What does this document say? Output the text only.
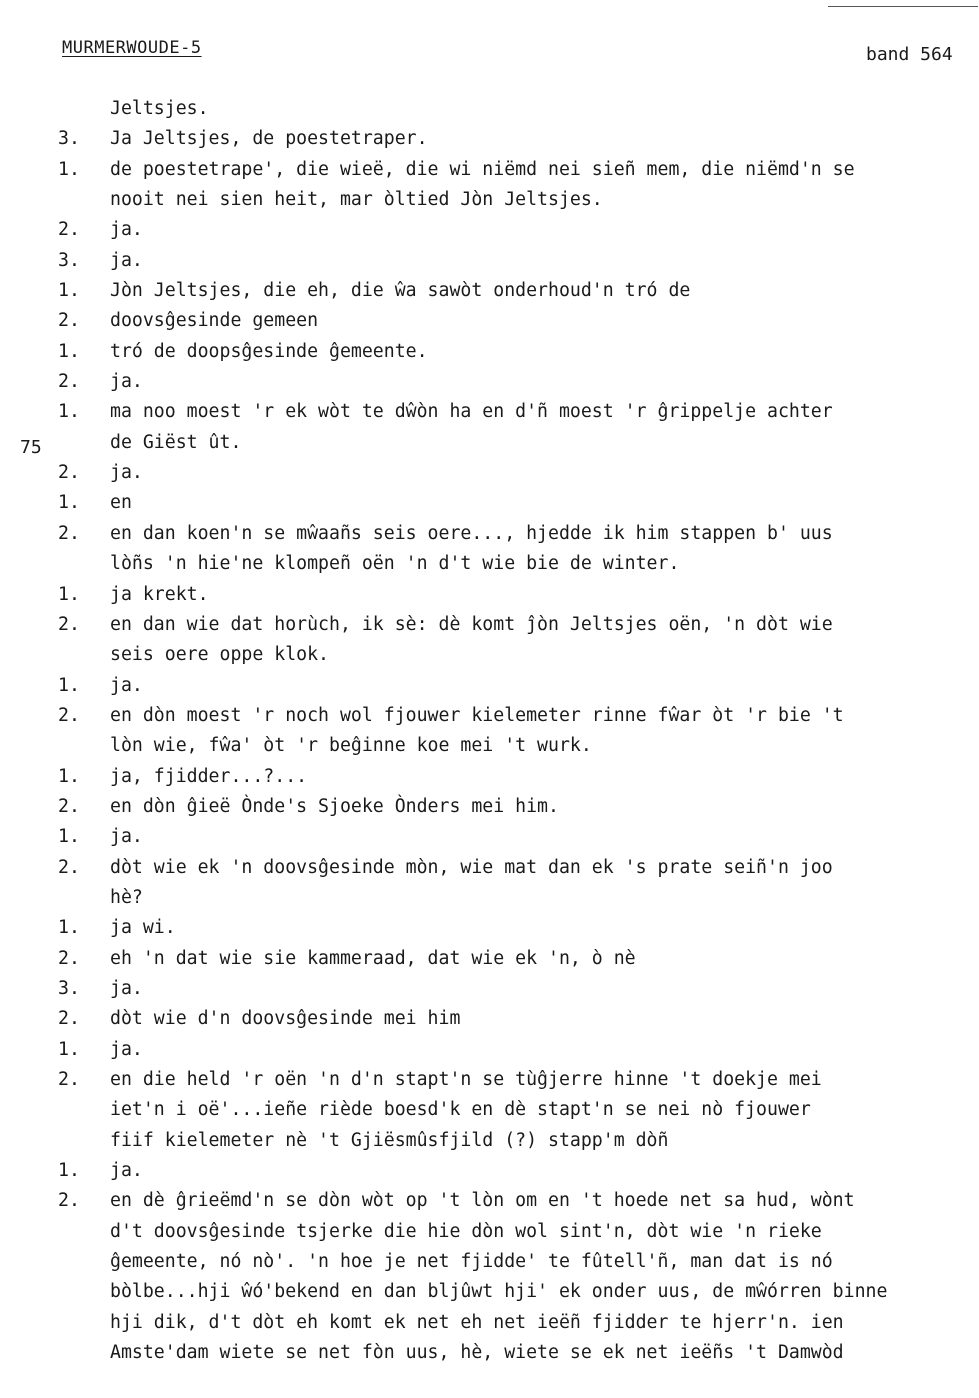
MURMERWOUDE-5	band 564
75
Jeltsjes.
3.	Ja Jeltsjes, de poestetraper.
1.	de poestetrape', die wieë, die wi niëmd nei sieñ mem, die niëmd'n se
nooit nei sien heit, mar òltied Jòn Jeltsjes.
2.	ja.
3.	ja.
1.	Jòn Jeltsjes, die eh, die ŵa sawòt onderhoud'n tró de
2.	doovsĝesinde gemeen
1.	tró de doopsĝesinde ĝemeente.
2.	ja.
1.	ma noo moest 'r ek wòt te dŵòn ha en d'ñ moest 'r ĝrippelje achter
de Giëst ût.
2.	ja.
1.	en
2.	en dan koen'n se mŵaañs seis oere..., hjedde ik him stappen b' uus
lòñs 'n hie'ne klompeñ oën 'n d't wie bie de winter.
1.	ja krekt.
2.	en dan wie dat horùch, ik sè: dè komt ĵòn Jeltsjes oën, 'n dòt wie
seis oere oppe klok.
1.	ja.
2.	en dòn moest 'r noch wol fjouwer kielemeter rinne fŵar òt 'r bie 't
lòn wie, fŵa' òt 'r beĝinne koe mei 't wurk.
1.	ja, fjidder...?...
2.	en dòn ĝieë Ònde's Sjoeke Ònders mei him.
1.	ja.
2.	dòt wie ek 'n doovsĝesinde mòn, wie mat dan ek 's prate seiñ'n joo
hè?
1.	ja wi.
2.	eh 'n dat wie sie kammeraad, dat wie ek 'n, ò nè
3.	ja.
2.	dòt wie d'n doovsĝesinde mei him
1.	ja.
2.	en die held 'r oën 'n d'n stapt'n se tùĝjerre hinne 't doekje mei
iet'n i oë'...ieñe riède boesd'k en dè stapt'n se nei nò fjouwer
fiif kielemeter nè 't Gjiësmûsfjild (?) stapp'm dòñ
1.	ja.
2.	en dè ĝrieëmd'n se dòn wòt op 't lòn om en 't hoede net sa hud, wònt
d't doovsĝesinde tsjerke die hie dòn wol sint'n, dòt wie 'n rieke
ĝemeente, nó nò'. 'n hoe je net fjidde' te fûtell'ñ, man dat is nó
bòlbe...hji ŵó'bekend en dan bljûwt hji' ek onder uus, de mŵórren binne
hji dik, d't dòt eh komt ek net eh net ieëñ fjidder te hjerr'n. ien
Amste'dam wiete se net fòn uus, hè, wiete se ek net ieëñs 't Damwòd
